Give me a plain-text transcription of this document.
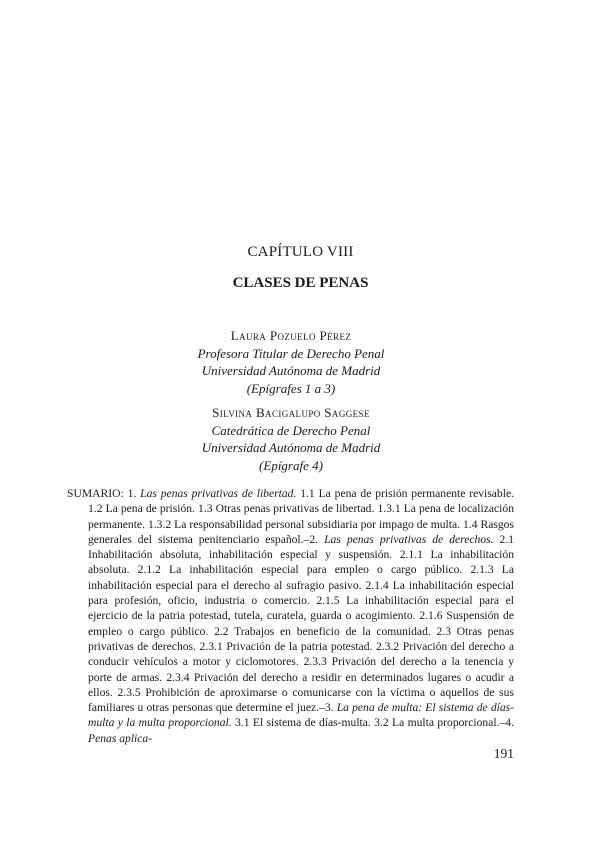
CAPÍTULO VIII
CLASES DE PENAS
Laura Pozuelo Pérez
Profesora Titular de Derecho Penal
Universidad Autónoma de Madrid
(Epígrafes 1 a 3)
Silvina Bacigalupo Saggese
Catedrática de Derecho Penal
Universidad Autónoma de Madrid
(Epígrafe 4)

SUMARIO: 1. Las penas privativas de libertad. 1.1 La pena de prisión permanente revisable. 1.2 La pena de prisión. 1.3 Otras penas privativas de libertad. 1.3.1 La pena de localización permanente. 1.3.2 La responsabilidad personal subsidiaria por impago de multa. 1.4 Rasgos generales del sistema penitenciario español.–2. Las penas privativas de derechos. 2.1 Inhabilitación absoluta, inhabilitación especial y suspensión. 2.1.1 La inhabilitación absoluta. 2.1.2 La inhabilitación especial para empleo o cargo público. 2.1.3 La inhabilitación especial para el derecho al sufragio pasivo. 2.1.4 La inhabilitación especial para profesión, oficio, industria o comercio. 2.1.5 La inhabilitación especial para el ejercicio de la patria potestad, tutela, curatela, guarda o acogimiento. 2.1.6 Suspensión de empleo o cargo público. 2.2 Trabajos en beneficio de la comunidad. 2.3 Otras penas privativas de derechos. 2.3.1 Privación de la patria potestad. 2.3.2 Privación del derecho a conducir vehículos a motor y ciclomotores. 2.3.3 Privación del derecho a la tenencia y porte de armas. 2.3.4 Privación del derecho a residir en determinados lugares o acudir a ellos. 2.3.5 Prohibición de aproximarse o comunicarse con la víctima o aquellos de sus familiares u otras personas que determine el juez.–3. La pena de multa: El sistema de días-multa y la multa proporcional. 3.1 El sistema de días-multa. 3.2 La multa proporcional.–4. Penas aplica-

191
